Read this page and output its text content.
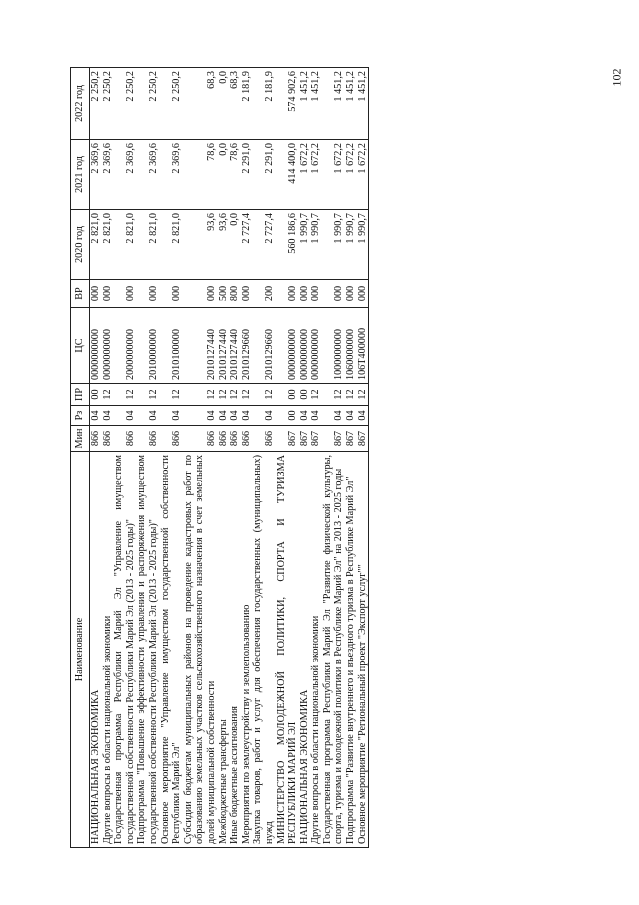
102
Наименование	Мин	Рз	ПР	ЦС	ВР	2020 год	2021 год	2022 год
НАЦИОНАЛЬНАЯ ЭКОНОМИКА	866	04	00	0000000000	000	2 821,0	2 369,6	2 250,2
Другие вопросы в области национальной экономики	866	04	12	0000000000	000	2 821,0	2 369,6	2 250,2
Государственная программа Республики Марий Эл "Управление имуществом государственной собственности Республики Марий Эл (2013 - 2025 годы)"	866	04	12	2000000000	000	2 821,0	2 369,6	2 250,2
Подпрограмма "Повышение эффективности управления и распоряжения имуществом государственной собственности Республики Марий Эл (2013 - 2025 годы)"	866	04	12	2010000000	000	2 821,0	2 369,6	2 250,2
Основное мероприятие "Управление имуществом государственной собственности Республики Марий Эл"	866	04	12	2010100000	000	2 821,0	2 369,6	2 250,2
Субсидии бюджетам муниципальных районов на проведение кадастровых работ по образованию земельных участков сельскохозяйственного назначения в счет земельных долей муниципальной собственности	866	04	12	2010127440	000	93,6	78,6	68,3
Межбюджетные трансферты	866	04	12	2010127440	500	93,6	0,0	0,0
Иные бюджетные ассигнования	866	04	12	2010127440	800	0,0	78,6	68,3
Мероприятия по землеустройству и землепользованию	866	04	12	2010129660	000	2 727,4	2 291,0	2 181,9
Закупка товаров, работ и услуг для обеспечения государственных (муниципальных) нужд	866	04	12	2010129660	200	2 727,4	2 291,0	2 181,9
МИНИСТЕРСТВО МОЛОДЕЖНОЙ ПОЛИТИКИ, СПОРТА И ТУРИЗМА РЕСПУБЛИКИ МАРИЙ ЭЛ	867	00	00	0000000000	000	560 186,6	414 400,0	574 902,6
НАЦИОНАЛЬНАЯ ЭКОНОМИКА	867	04	00	0000000000	000	1 990,7	1 672,2	1 451,2
Другие вопросы в области национальной экономики	867	04	12	0000000000	000	1 990,7	1 672,2	1 451,2
Государственная программа Республики Марий Эл "Развитие физической культуры, спорта, туризма и молодежной политики в Республике Марий Эл" на 2013 - 2025 годы	867	04	12	1000000000	000	1 990,7	1 672,2	1 451,2
Подпрограмма "Развитие внутреннего и въездного туризма в Республике Марий Эл"	867	04	12	1060000000	000	1 990,7	1 672,2	1 451,2
Основное мероприятие "Региональный проект "Экспорт услуг""	867	04	12	106T400000	000	1 990,7	1 672,2	1 451,2
